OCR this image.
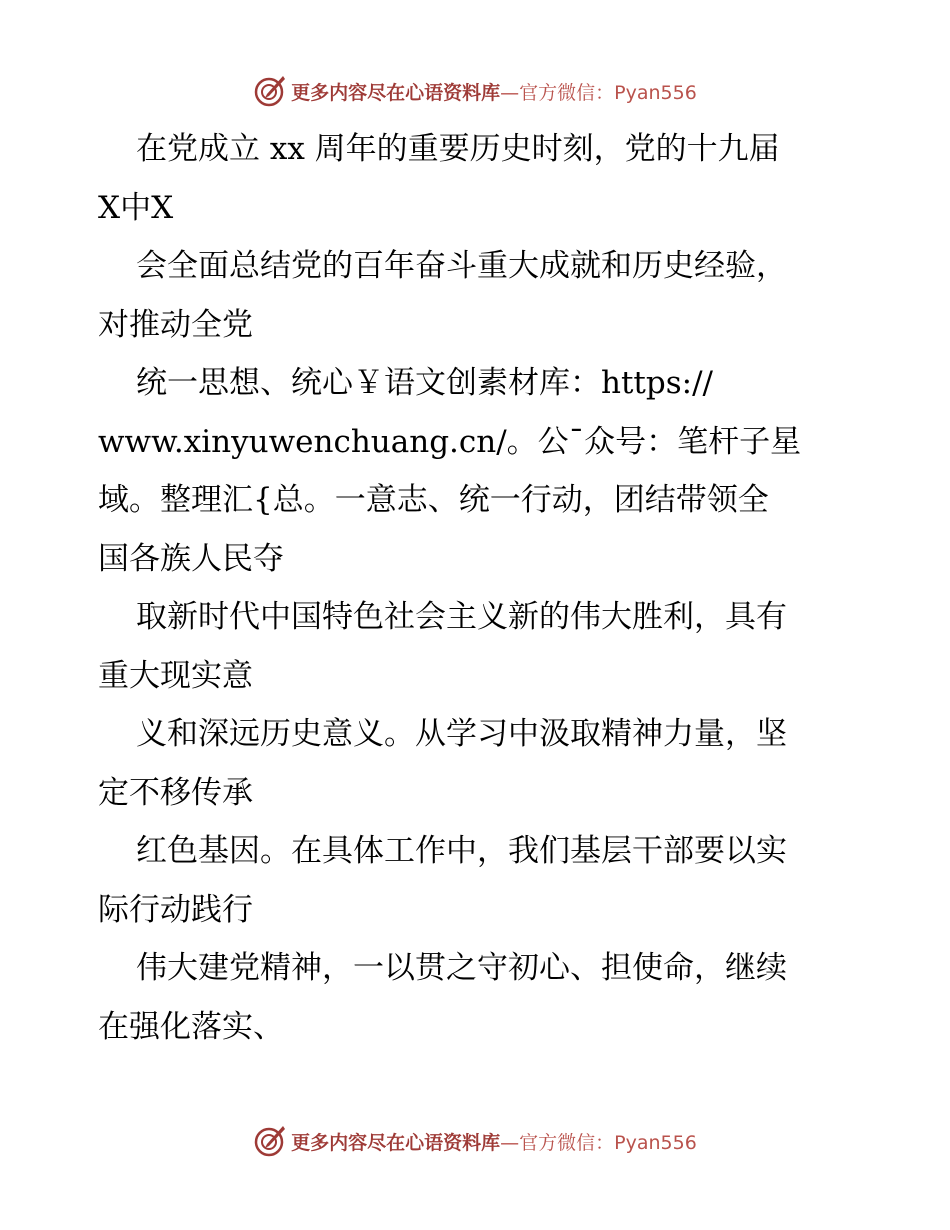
更多内容尽在心语资料库 —官方微信：Pyan556
在党成立 xx 周年的重要历史时刻，党的十九届
X中X
会全面总结党的百年奋斗重大成就和历史经验，
对推动全党
统一思想、统心￥语文创素材库：https://
www.xinyuwenchuang.cn/。公¯众号：笔杆子星
域。整理汇{总。一意志、统一行动，团结带领全
国各族人民夺
取新时代中国特色社会主义新的伟大胜利，具有
重大现实意
义和深远历史意义。从学习中汲取精神力量，坚
定不移传承
红色基因。在具体工作中，我们基层干部要以实
际行动践行
伟大建党精神，一以贯之守初心、担使命，继续
在强化落实、
更多内容尽在心语资料库 —官方微信：Pyan556
